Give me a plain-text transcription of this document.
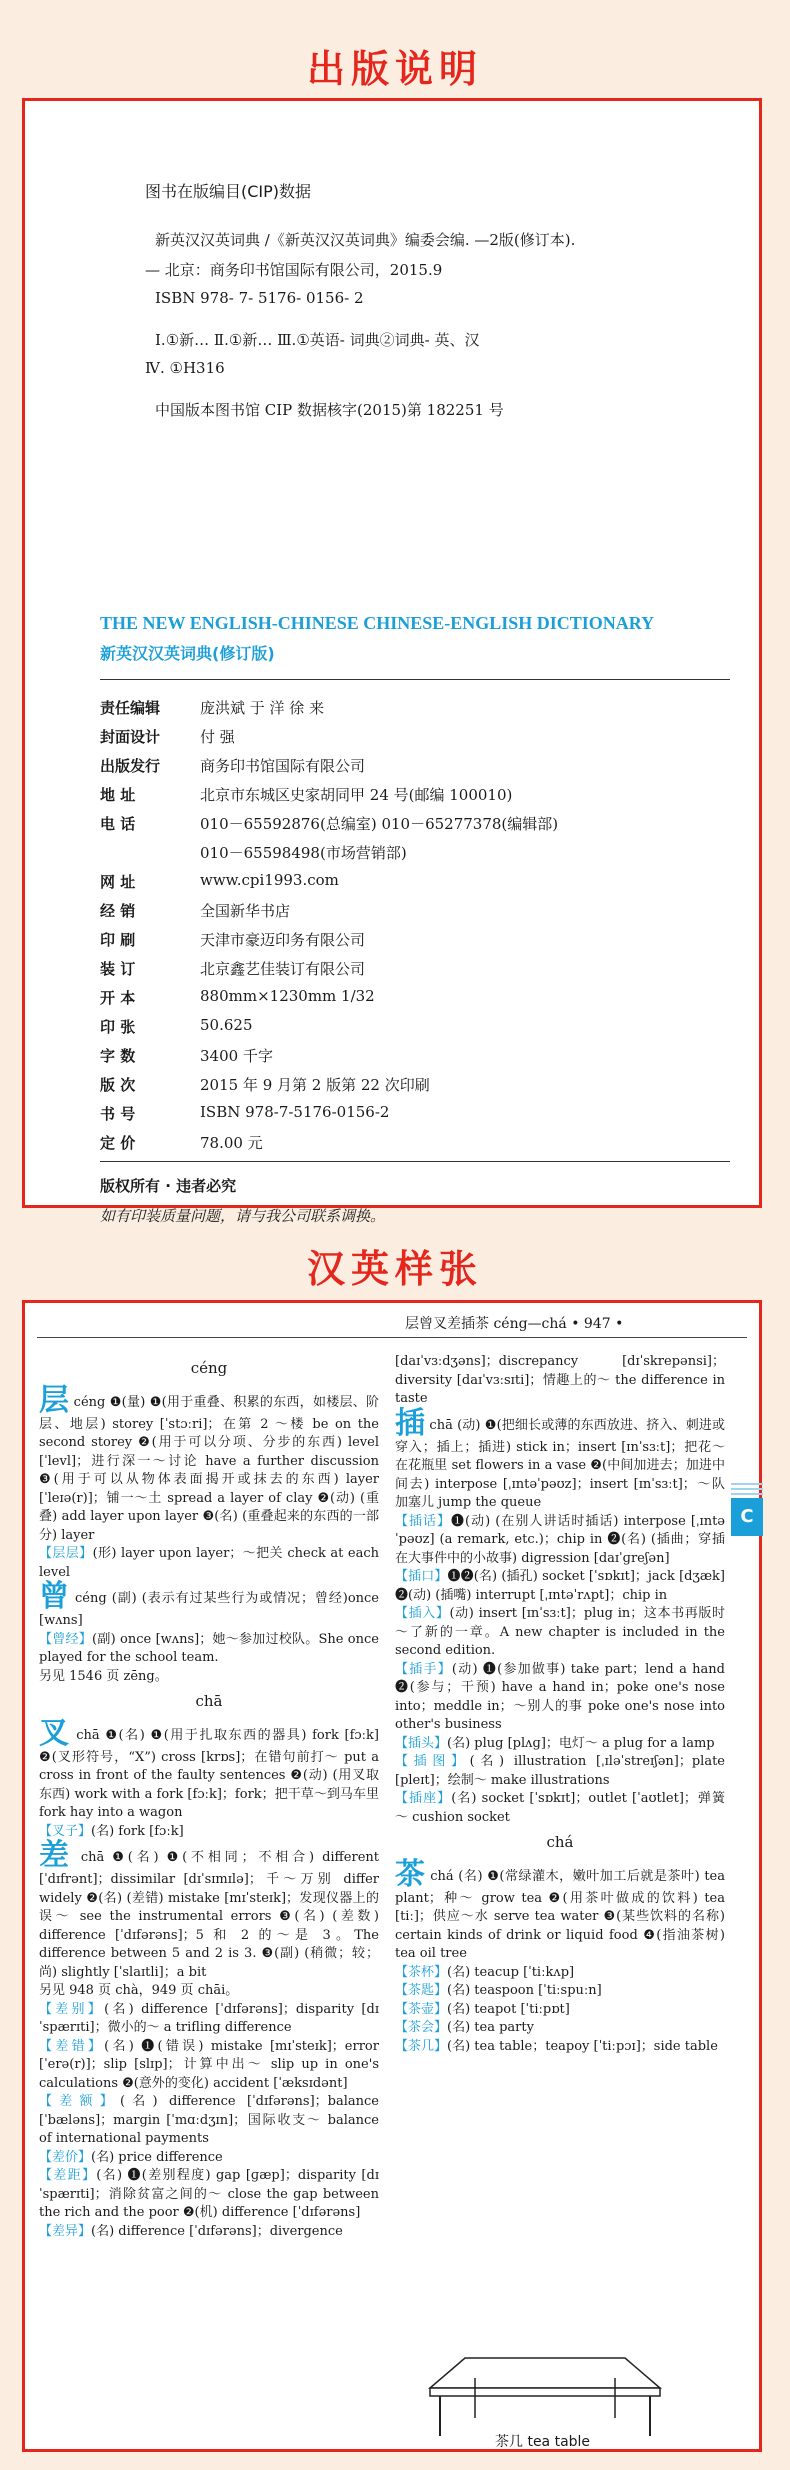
出版说明
图书在版编目(CIP)数据
新英汉汉英词典 /《新英汉汉英词典》编委会编. —2版(修订本).
— 北京：商务印书馆国际有限公司，2015.9
ISBN 978- 7- 5176- 0156- 2
Ⅰ.①新… Ⅱ.①新… Ⅲ.①英语- 词典②词典- 英、汉
Ⅳ. ①H316
中国版本图书馆 CIP 数据核字(2015)第 182251 号
THE NEW ENGLISH-CHINESE CHINESE-ENGLISH DICTIONARY
新英汉汉英词典(修订版)
责任编辑	庞洪斌 于 洋 徐 来
封面设计	付 强
出版发行	商务印书馆国际有限公司
地 址	北京市东城区史家胡同甲 24 号(邮编 100010)
电 话	010－65592876(总编室) 010－65277378(编辑部)
010－65598498(市场营销部)
网 址	www.cpi1993.com
经 销	全国新华书店
印 刷	天津市豪迈印务有限公司
装 订	北京鑫艺佳装订有限公司
开 本	880mm×1230mm 1/32
印 张	50.625
字 数	3400 千字
版 次	2015 年 9 月第 2 版第 22 次印刷
书 号	ISBN 978-7-5176-0156-2
定 价	78.00 元
版权所有 · 违者必究
如有印装质量问题，请与我公司联系调换。
汉英样张
层曾叉差插茶 céng—chá • 947 •
C

céng

层 céng ❶(量) ❶(用于重叠、积累的东西，如楼层、阶层、地层) storey [ˈstɔːri]；在第 2 ～楼 be on the second storey ❷(用于可以分项、分步的东西) level [ˈlevl]；进行深一～讨论 have a further discussion ❸(用于可以从物体表面揭开或抹去的东西) layer [ˈleɪə(r)]；铺一～土 spread a layer of clay ❷(动) (重叠) add layer upon layer ❸(名) (重叠起来的东西的一部分) layer

【层层】(形) layer upon layer；～把关 check at each level

曾 céng (副) (表示有过某些行为或情况；曾经)once [wʌns]

【曾经】(副) once [wʌns]；她～参加过校队。She once played for the school team.

另见 1546 页 zēng。

chā

叉 chā ❶(名) ❶(用于扎取东西的器具) fork [fɔːk] ❷(叉形符号，“X”) cross [krɒs]；在错句前打～ put a cross in front of the faulty sentences ❷(动) (用叉取东西) work with a fork [fɔːk]；fork；把干草～到马车里 fork hay into a wagon

【叉子】(名) fork [fɔːk]

差 chā ❶(名) ❶(不相同；不相合) different [ˈdɪfrənt]；dissimilar [dɪˈsɪmɪlə]；千～万别 differ widely ❷(名) (差错) mistake [mɪˈsteɪk]；发现仪器上的误～ see the instrumental errors ❸(名) (差数) difference [ˈdɪfərəns]；5 和 2 的～是 3。The difference between 5 and 2 is 3. ❸(副) (稍微；较；尚) slightly [ˈslaɪtli]；a bit

另见 948 页 chà，949 页 chāi。

【差别】(名) difference [ˈdɪfərəns]；disparity [dɪˈspærɪti]；微小的～ a trifling difference

【差错】(名) ❶(错误) mistake [mɪˈsteɪk]；error [ˈerə(r)]；slip [slɪp]；计算中出～ slip up in one's calculations ❷(意外的变化) accident [ˈæksɪdənt]

【差额】(名) difference [ˈdɪfərəns]；balance [ˈbæləns]；margin [ˈmɑːdʒɪn]；国际收支～ balance of international payments

【差价】(名) price difference

【差距】(名) ❶(差别程度) gap [ɡæp]；disparity [dɪˈspærɪti]；消除贫富之间的～ close the gap between the rich and the poor ❷(机) difference [ˈdɪfərəns]

【差异】(名) difference [ˈdɪfərəns]；divergence

[daɪˈvɜːdʒəns]；discrepancy [dɪˈskrepənsi]；diversity [daɪˈvɜːsɪti]；情趣上的～ the difference in taste

插 chā (动) ❶(把细长或薄的东西放进、挤入、刺进或穿入；插上；插进) stick in；insert [ɪnˈsɜːt]；把花～在花瓶里 set flowers in a vase ❷(中间加进去；加进中间去) interpose [ˌɪntəˈpəʊz]；insert [ɪnˈsɜːt]；～队 加塞儿 jump the queue

【插话】❶(动) (在别人讲话时插话) interpose [ˌɪntəˈpəʊz] (a remark, etc.)；chip in ❷(名) (插曲；穿插在大事件中的小故事) digression [daɪˈɡreʃən]

【插口】❶❷(名) (插孔) socket [ˈsɒkɪt]；jack [dʒæk] ❷(动) (插嘴) interrupt [ˌɪntəˈrʌpt]；chip in

【插入】(动) insert [ɪnˈsɜːt]；plug in；这本书再版时～了新的一章。A new chapter is included in the second edition.

【插手】(动) ❶(参加做事) take part；lend a hand ❷(参与；干预) have a hand in；poke one's nose into；meddle in；～别人的事 poke one's nose into other's business

【插头】(名) plug [plʌɡ]；电灯～ a plug for a lamp

【插图】(名) illustration [ˌɪləˈstreɪʃən]；plate [pleɪt]；绘制～ make illustrations

【插座】(名) socket [ˈsɒkɪt]；outlet [ˈaʊtlet]；弹簧～ cushion socket

chá

茶 chá (名) ❶(常绿灌木，嫩叶加工后就是茶叶) tea plant；种～ grow tea ❷(用茶叶做成的饮料) tea [tiː]；供应～水 serve tea water ❸(某些饮料的名称) certain kinds of drink or liquid food ❹(指油茶树) tea oil tree

【茶杯】(名) teacup [ˈtiːkʌp]

【茶匙】(名) teaspoon [ˈtiːspuːn]

【茶壶】(名) teapot [ˈtiːpɒt]

【茶会】(名) tea party

【茶几】(名) tea table；teapoy [ˈtiːpɔɪ]；side table

茶几 tea table
